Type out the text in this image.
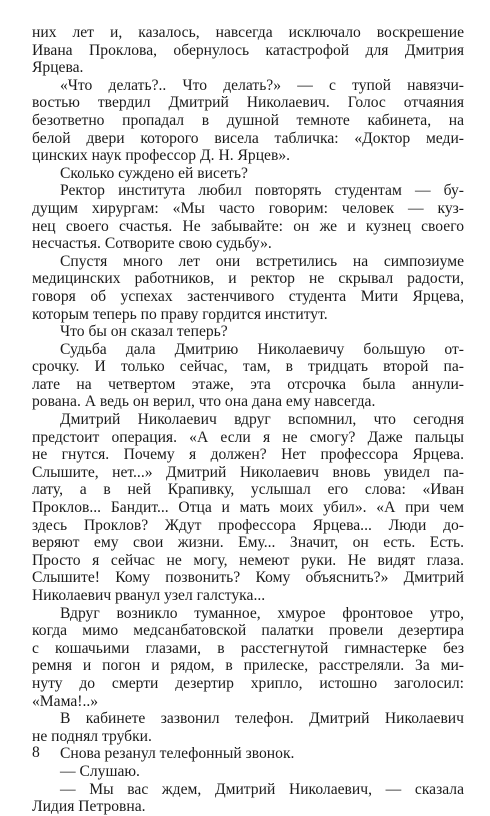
них лет и, казалось, навсегда исключало воскрешение
Ивана Проклова, обернулось катастрофой для Дмитрия
Ярцева.
«Что делать?.. Что делать?» — с тупой навязчи-
востью твердил Дмитрий Николаевич. Голос отчаяния
безответно пропадал в душной темноте кабинета, на
белой двери которого висела табличка: «Доктор меди-
цинских наук профессор Д. Н. Ярцев».
Сколько суждено ей висеть?
Ректор института любил повторять студентам — бу-
дущим хирургам: «Мы часто говорим: человек — куз-
нец своего счастья. Не забывайте: он же и кузнец своего
несчастья. Сотворите свою судьбу».
Спустя много лет они встретились на симпозиуме
медицинских работников, и ректор не скрывал радости,
говоря об успехах застенчивого студента Мити Ярцева,
которым теперь по праву гордится институт.
Что бы он сказал теперь?
Судьба дала Дмитрию Николаевичу большую от-
срочку. И только сейчас, там, в тридцать второй па-
лате на четвертом этаже, эта отсрочка была аннули-
рована. А ведь он верил, что она дана ему навсегда.
Дмитрий Николаевич вдруг вспомнил, что сегодня
предстоит операция. «А если я не смогу? Даже пальцы
не гнутся. Почему я должен? Нет профессора Ярцева.
Слышите, нет...» Дмитрий Николаевич вновь увидел па-
лату, а в ней Крапивку, услышал его слова: «Иван
Проклов... Бандит... Отца и мать моих убил». «А при чем
здесь Проклов? Ждут профессора Ярцева... Люди до-
веряют ему свои жизни. Ему... Значит, он есть. Есть.
Просто я сейчас не могу, немеют руки. Не видят глаза.
Слышите! Кому позвонить? Кому объяснить?» Дмитрий
Николаевич рванул узел галстука...
Вдруг возникло туманное, хмурое фронтовое утро,
когда мимо медсанбатовской палатки провели дезертира
с кошачьими глазами, в расстегнутой гимнастерке без
ремня и погон и рядом, в прилеске, расстреляли. За ми-
нуту до смерти дезертир хрипло, истошно заголосил:
«Мама!..»
В кабинете зазвонил телефон. Дмитрий Николаевич
не поднял трубки.
Снова резанул телефонный звонок.
— Слушаю.
— Мы вас ждем, Дмитрий Николаевич, — сказала
Лидия Петровна.
8
